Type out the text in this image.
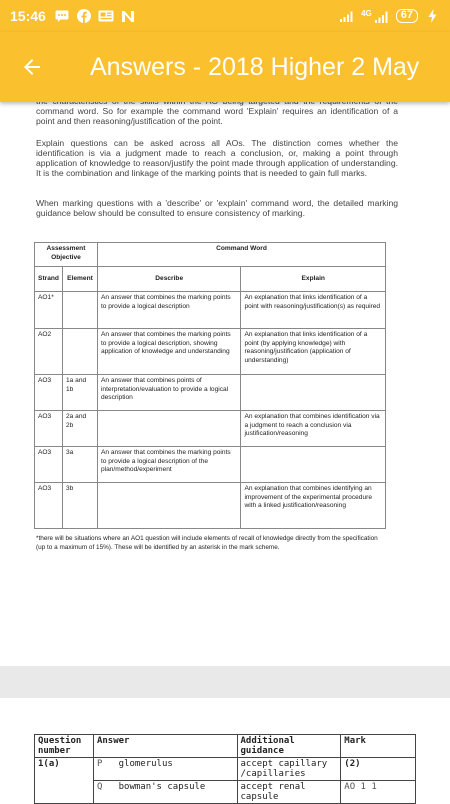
15:46	4G	67
Answers - 2018 Higher 2 May

command word. So for example the command word 'Explain' requires an identification of a point and then reasoning/justification of the point.

Explain questions can be asked across all AOs. The distinction comes whether the identification is via a judgment made to reach a conclusion, or, making a point through application of knowledge to reason/justify the point made through application of understanding. It is the combination and linkage of the marking points that is needed to gain full marks.

When marking questions with a 'describe' or 'explain' command word, the detailed marking guidance below should be consulted to ensure consistency of marking.

Assessment Objective		Command Word	
Strand	Element	Describe	Explain
AO1*		An answer that combines the marking points to provide a logical description	An explanation that links identification of a point with reasoning/justification(s) as required
AO2		An answer that combines the marking points to provide a logical description, showing application of knowledge and understanding	An explanation that links identification of a point (by applying knowledge) with reasoning/justification (application of understanding)
AO3	1a and 1b	An answer that combines points of interpretation/evaluation to provide a logical description	
AO3	2a and 2b		An explanation that combines identification via a judgment to reach a conclusion via justification/reasoning
AO3	3a	An answer that combines the marking points to provide a logical description of the plan/method/experiment	
AO3	3b		An explanation that combines identifying an improvement of the experimental procedure with a linked justification/reasoning

*there will be situations where an AO1 question will include elements of recall of knowledge directly from the specification (up to a maximum of 15%). These will be identified by an asterisk in the mark scheme.

Question number	Answer	Additional guidance	Mark
1(a)	P glomerulus	accept capillary /capillaries	(2)
	Q bowman's capsule	accept renal capsule	AO 1 1
